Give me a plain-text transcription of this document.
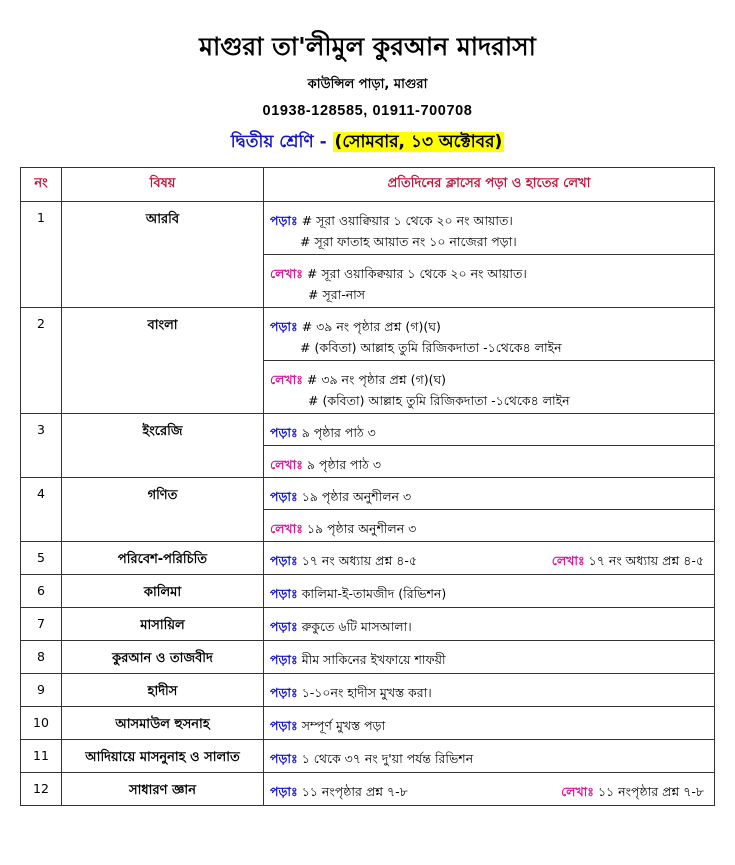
মাগুরা তা'লীমুল কুরআন মাদরাসা
কাউন্সিল পাড়া, মাগুরা
01938-128585, 01911-700708
দ্বিতীয় শ্রেণি - (সোমবার, ১৩ অক্টোবর)
নং	বিষয়	প্রতিদিনের ক্লাসের পড়া ও হাতের লেখা
1	আরবি	পড়াঃ # সূরা ওয়াক্বিয়ার ১ থেকে ২০ নং আয়াত।
# সূরা ফাতাহ আয়াত নং ১০ নাজেরা পড়া।

		লেখাঃ # সূরা ওয়াকিক্বয়ার ১ থেকে ২০ নং আয়াত।
# সূরা-নাস

2	বাংলা	পড়াঃ # ৩৯ নং পৃষ্ঠার প্রশ্ন (গ)(ঘ)
# (কবিতা) আল্লাহ তুমি রিজিকদাতা -১থেকে৪ লাইন

		লেখাঃ # ৩৯ নং পৃষ্ঠার প্রশ্ন (গ)(ঘ)
# (কবিতা) আল্লাহ তুমি রিজিকদাতা -১থেকে৪ লাইন

3	ইংরেজি	পড়াঃ ৯ পৃষ্ঠার পাঠ ৩
		লেখাঃ ৯ পৃষ্ঠার পাঠ ৩
4	গণিত	পড়াঃ ১৯ পৃষ্ঠার অনুশীলন ৩
		লেখাঃ ১৯ পৃষ্ঠার অনুশীলন ৩
5	পরিবেশ-পরিচিতি	পড়াঃ ১৭ নং অধ্যায় প্রশ্ন ৪-৫ লেখাঃ ১৭ নং অধ্যায় প্রশ্ন ৪-৫

6	কালিমা	পড়াঃ কালিমা-ই-তামজীদ (রিভিশন)
7	মাসায়িল	পড়াঃ রুকুতে ৬টি মাসআলা।
8	কুরআন ও তাজবীদ	পড়াঃ মীম সাকিনের ইখফায়ে শাফয়ী
9	হাদীস	পড়াঃ ১-১০নং হাদীস মুখস্ত করা।
10	আসমাউল হুসনাহ	পড়াঃ সম্পূর্ণ মুখস্ত পড়া
11	আদিয়ায়ে মাসনুনাহ ও সালাত	পড়াঃ ১ থেকে ৩৭ নং দু'য়া পর্যন্ত রিভিশন
12	সাধারণ জ্ঞান	পড়াঃ ১১ নংপৃষ্ঠার প্রশ্ন ৭-৮ লেখাঃ ১১ নংপৃষ্ঠার প্রশ্ন ৭-৮
